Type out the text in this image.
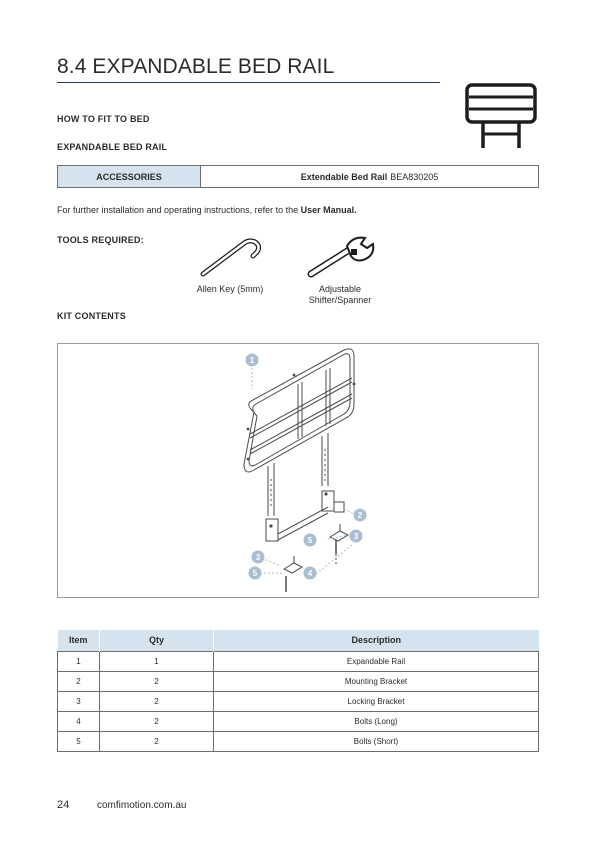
8.4 EXPANDABLE BED RAIL
HOW TO FIT TO BED
EXPANDABLE BED RAIL
ACCESSORIES	Extendable Bed Rail BEA830205
For further installation and operating instructions, refer to the User Manual.
TOOLS REQUIRED:
Allen Key (5mm)	Adjustable
Shifter/Spanner
KIT CONTENTS
1
2
3
3
4
5
5
Item	Qty	Description
1	1	Expandable Rail
2	2	Mounting Bracket
3	2	Locking Bracket
4	2	Bolts (Long)
5	2	Bolts (Short)
24	comfimotion.com.au
